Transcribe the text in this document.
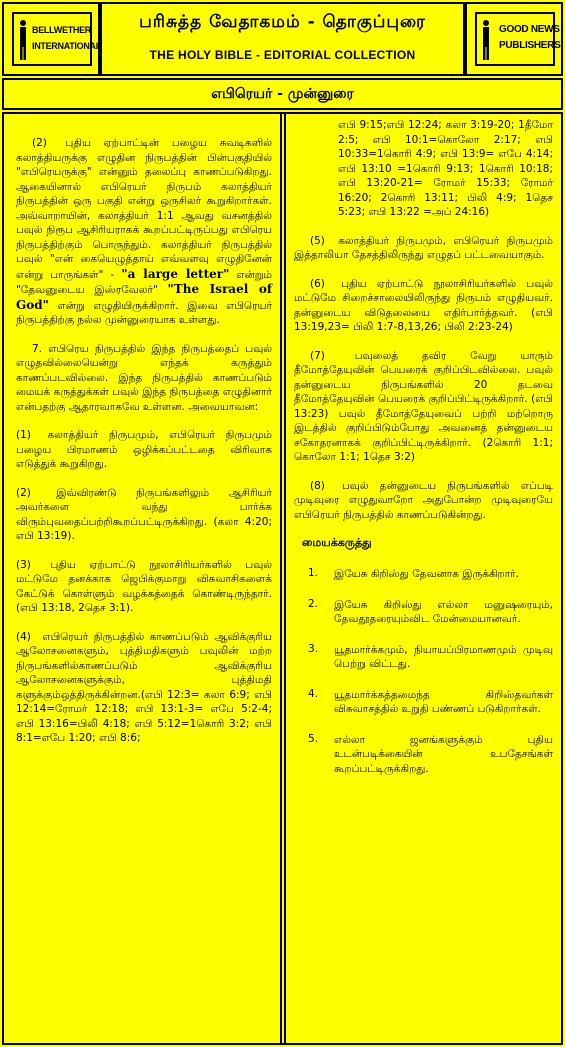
BELLWETHER
INTERNATIONAL
பரிசுத்த வேதாகமம் - தொகுப்புரை
THE HOLY BIBLE - EDITORIAL COLLECTION
GOOD NEWS
PUBLISHERS
எபிரெயர் - முன்னுரை

(2) புதிய ஏற்பாட்டின் பழைய சுவடிகளில் கலாத்தியருக்கு எழுதின நிருபத்தின் பின்பகுதியில் "எபிரெயருக்கு" என்னும் தலைப்பு காணப்படுகிறது. ஆகையினால் எபிரெயர் நிருபம் கலாத்தியர் நிருபத்தின் ஒரு பகுதி என்று ஒருசிலர் கூறுகிறார்கள். அவ்வாறாயின், கலாத்தியர் 1:1 ஆவது வசனத்தில் பவுல் நிரூப ஆசிரியராகக் கூறப்பட்டிருப்பது எபிரெய நிருபத்திற்கும் பொருந்தும். கலாத்தியர் நிருபத்தில் பவுல் "என் கையெழுத்தாய் எவ்வளவு எழுதினேன் என்று பாருங்கள்" - "a large letter" என்றும் "தேவனுடைய இஸ்ரவேலர்" "The Israel of God" என்று எழுதியிருக்கிறார். இவை எபிரெயர் நிருபத்திற்கு நல்ல முன்னுரையாக உள்ளது.

7. எபிரெய நிருபத்தில் இந்த நிருபத்தைப் பவுல் எழுதவில்லையென்று எந்தக் கருத்தும் காணப்படவில்லை. இந்த நிருபத்தில் காணப்படும் மையக் கருத்துக்கள் பவுல் இந்த நிருபத்தை எழுதினார் என்பதற்கு ஆதாரவாகவே உள்ளன. அவையாவன:

(1) கலாத்தியர் நிருபமும், எபிரெயர் நிருபமும் பழைய பிரமாணம் ஒழிக்கப்பட்டதை விரிவாக எடுத்துக் கூறுகிறது.

(2) இவ்விரண்டு நிருபங்களிலும் ஆசிரியர் அவர்களை வந்து பார்க்க விரும்புவதைப்பற்றிகூறப்பட்டிருக்கிறது. (கலா 4:20; எபி 13:19).

(3) புதிய ஏற்பாட்டு நூலாசிரியர்களில் பவுல் மட்டுமே தனக்காக ஜெபிக்குமாறு விசுவாசிகளைக் கேட்டுக் கொள்ளும் வழக்கத்தைக் கொண்டிருந்தார். (எபி 13:18, 2தெச 3:1).

(4) எபிரெயர் நிருபத்தில் காணப்படும் ஆவிக்குரிய ஆலோசனைகளும், புத்திமதிகளும் பவுலின் மற்ற நிருபங்களில்காணப்படும் ஆவிக்குரிய ஆலோசனைகளுக்கும், புத்திமதி களுக்கும்ஒத்திருக்கின்றன.(எபி 12:3= கலா 6:9; எபி 12:14=ரோமர் 12:18; எபி 13:1-3= எபே 5:2-4; எபி 13:16=பிலி 4:18; எபி 5:12=1கொரி 3:2; எபி 8:1=எபே 1:20; எபி 8:6;

எபி 9:15;எபி 12:24; கலா 3:19-20; 1தீமோ 2:5; எபி 10:1=கொலோ 2:17; எபி 10:33=1கொரி 4:9; எபி 13:9= எபே 4:14; எபி 13:10 =1கொரி 9:13; 1கொரி 10:18; எபி 13:20-21= ரோமர் 15:33; ரோமர் 16:20; 2கொரி 13:11; பிலி 4:9; 1தெச 5:23; எபி 13:22 =அப் 24:16)

(5) கலாத்தியர் நிருபமும், எபிரெயர் நிருபமும் இத்தாலியா தேசத்திலிருந்து எழுதப் பட்டவையாகும்.

(6) புதிய ஏற்பாட்டு நூலாசிரியர்களில் பவுல் மட்டுமே சிறைச்சாலையிலிருந்து நிருபம் எழுதியவர். தன்னுடைய விடுதலையை எதிர்பார்த்தவர். (எபி 13:19,23= பிலி 1:7-8,13,26; பிலி 2:23-24)

(7)	பவுலைத் தவிர வேறு யாரும் தீமோத்தேயுவின் பெயரைக் குறிப்பிடவில்லை. பவுல் தன்னுடைய நிருபங்களில் 20 தடவை தீமோத்தேயுவின் பெயரைக் குறிப்பிட்டிருக்கிறார். (எபி 13:23) பவுல் தீமோத்தேயுவைப் பற்றி மற்றொரு இடத்தில் குறிப்பிடும்போது அவனைத் தன்னுடைய சகோதரனாகக் குறிப்பிட்டிருக்கிறார். (2கொரி 1:1; கொலோ 1:1; 1தெச 3:2)

(8) பவுல் தன்னுடைய நிருபங்களில் எப்படி முடிவுரை எழுதுவாறோ அதுபோன்ற முடிவுரையே எபிரெயர் நிருபத்தில் காணப்படுகின்றது.

மையக்கருத்து
1.	இயேசு கிறிஸ்து தேவனாக இருக்கிறார்.
2.	இயேசு கிறிஸ்து எல்லா மனுஷரையும், தேவதூதரையும்விட மேன்மையானவர்.
3.	யூதமார்க்கமும், நியாயப்பிரமாணமும் முடிவு பெற்று விட்டது.
4.	யூதமார்க்கத்தமைந்த கிறிஸ்தவர்கள் விசுவாசத்தில் உறுதி பண்ணப் படுகிறார்கள்.
5.	எல்லா ஜனங்களுக்கும் புதிய உடன்படிக்கையின் உபதேசங்கள் கூறப்பட்டிருக்கிறது.
